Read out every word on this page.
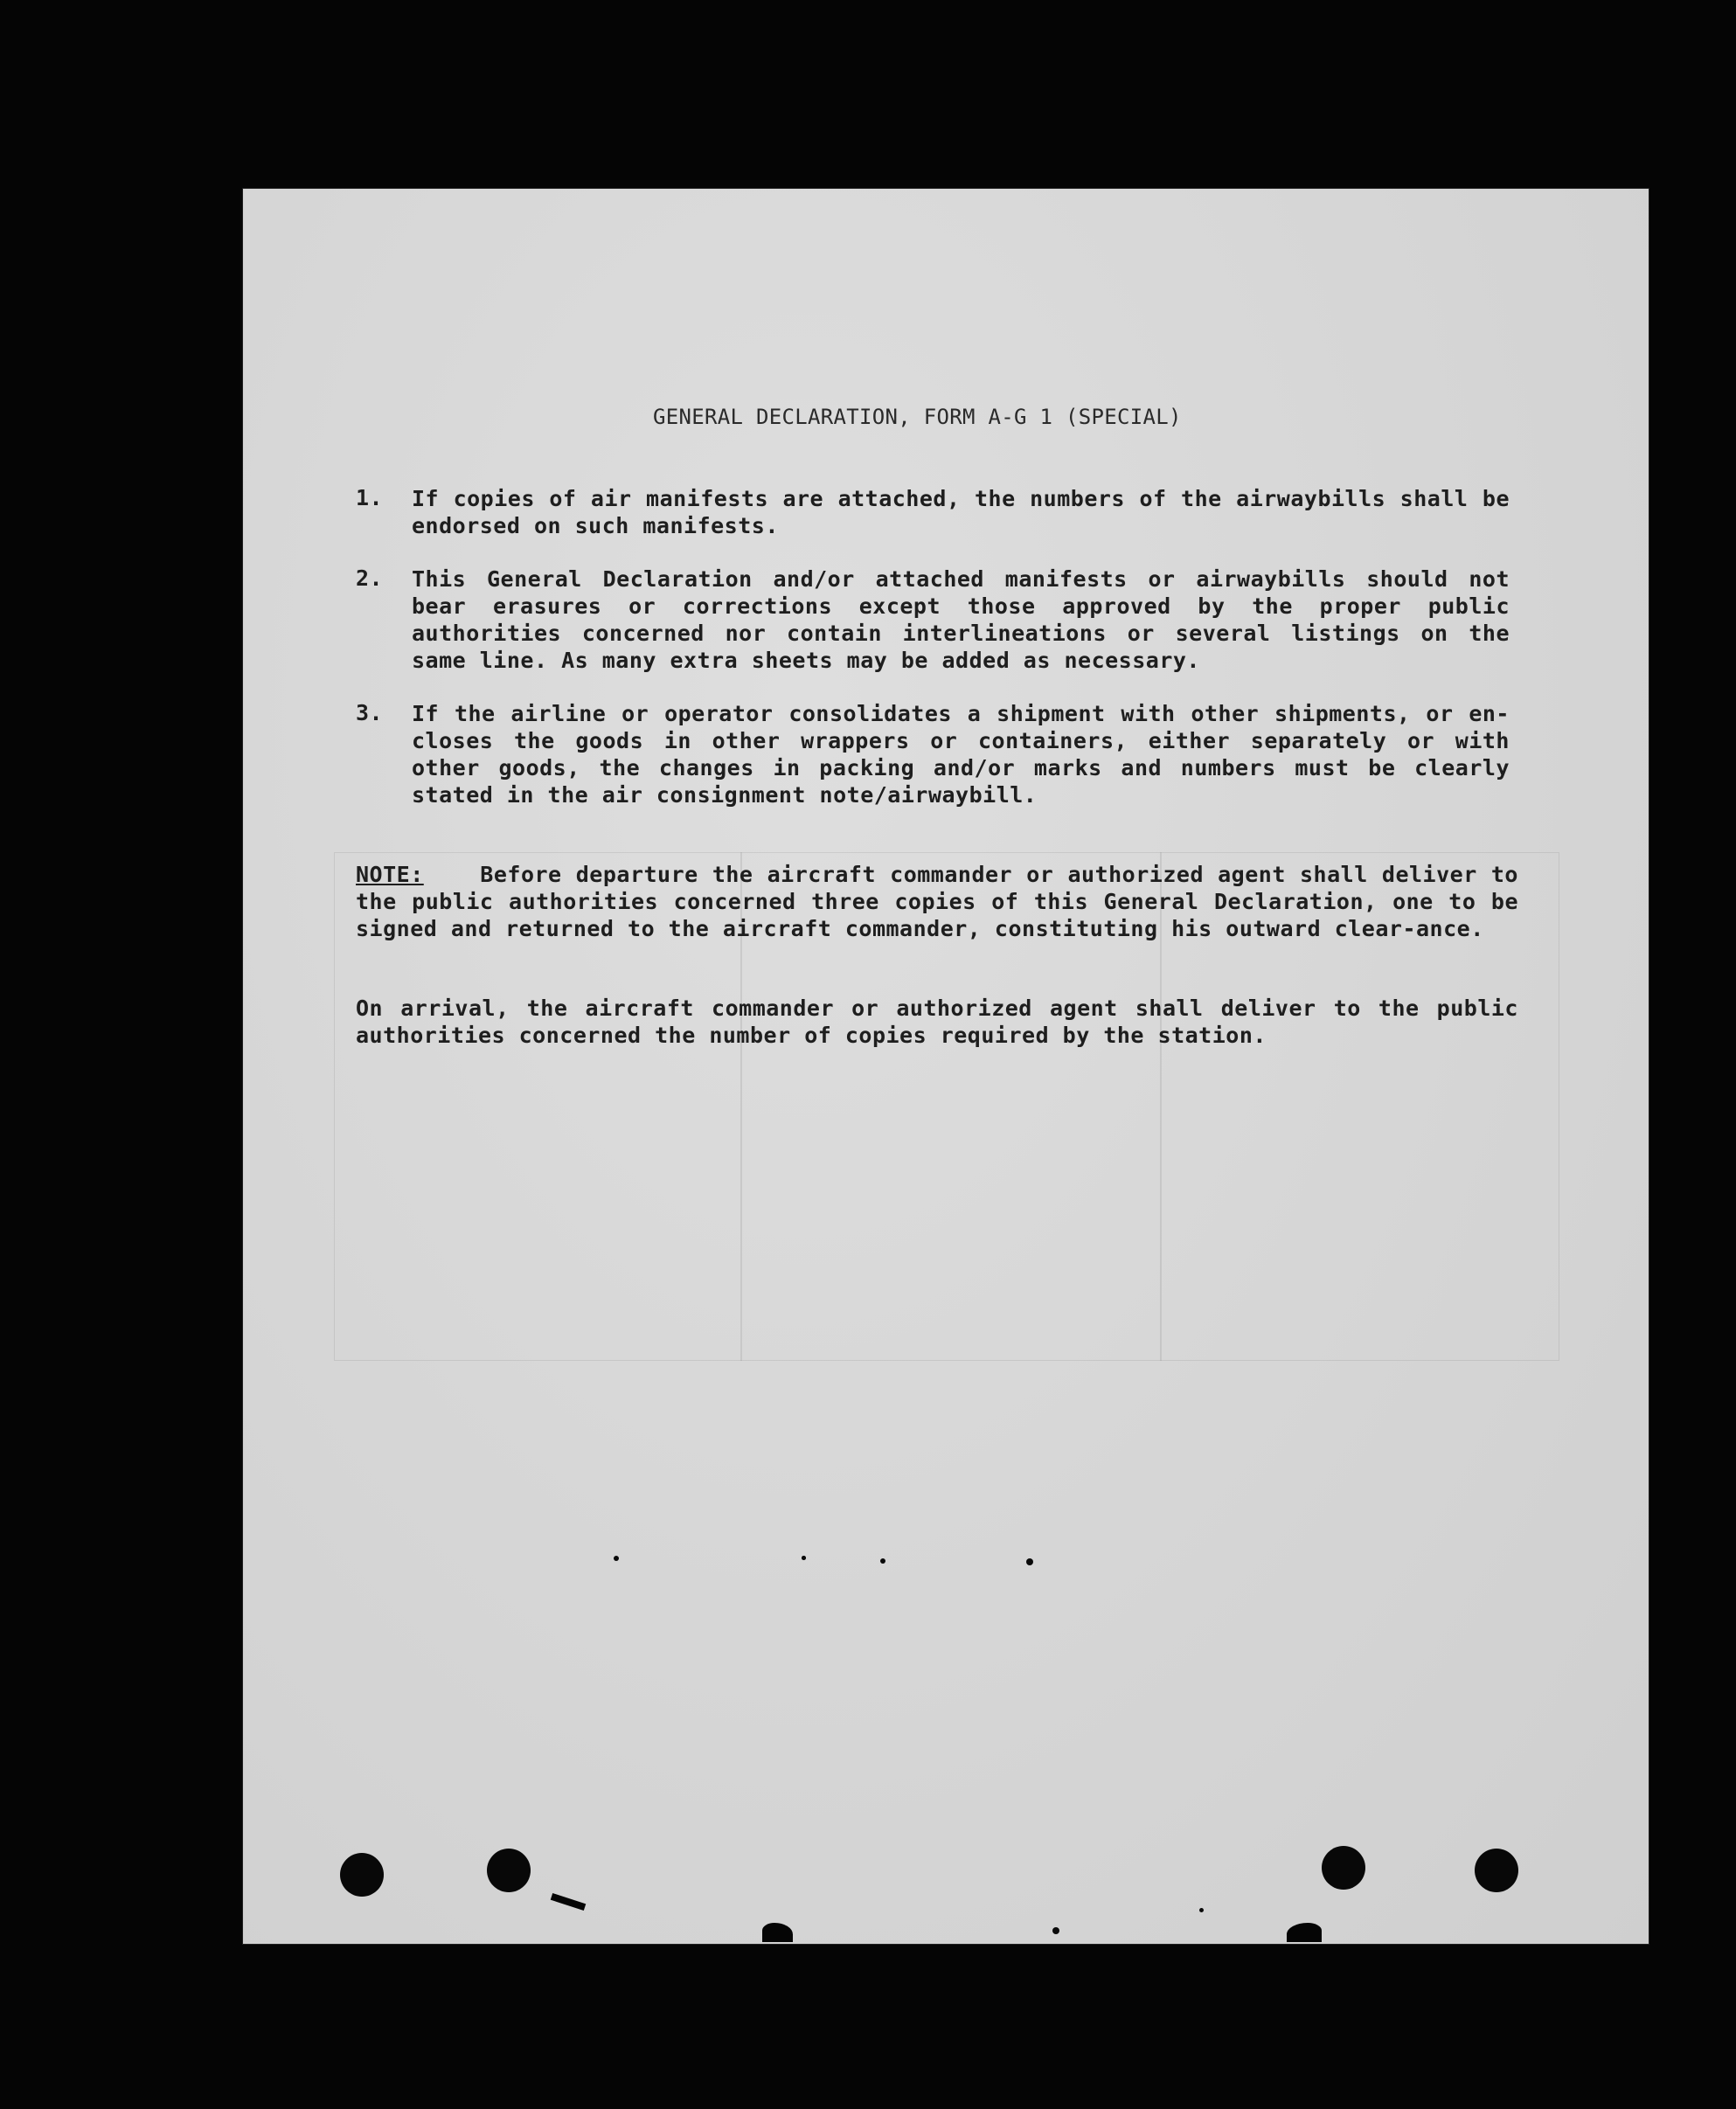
GENERAL DECLARATION, FORM A-G 1 (SPECIAL)
1.	If copies of air manifests are attached, the numbers of the airwaybills shall be endorsed on such manifests.
2.	This General Declaration and/or attached manifests or airwaybills should not bear erasures or corrections except those approved by the proper public authorities concerned nor contain interlineations or several listings on the same line. As many extra sheets may be added as necessary.
3.	If the airline or operator consolidates a shipment with other shipments, or en-closes the goods in other wrappers or containers, either separately or with other goods, the changes in packing and/or marks and numbers must be clearly stated in the air consignment note/airwaybill.
NOTE:	Before departure the aircraft commander or authorized agent shall deliver to the public authorities concerned three copies of this General Declaration, one to be signed and returned to the aircraft commander, constituting his outward clear-ance.
On arrival, the aircraft commander or authorized agent shall deliver to the public authorities concerned the number of copies required by the station.
